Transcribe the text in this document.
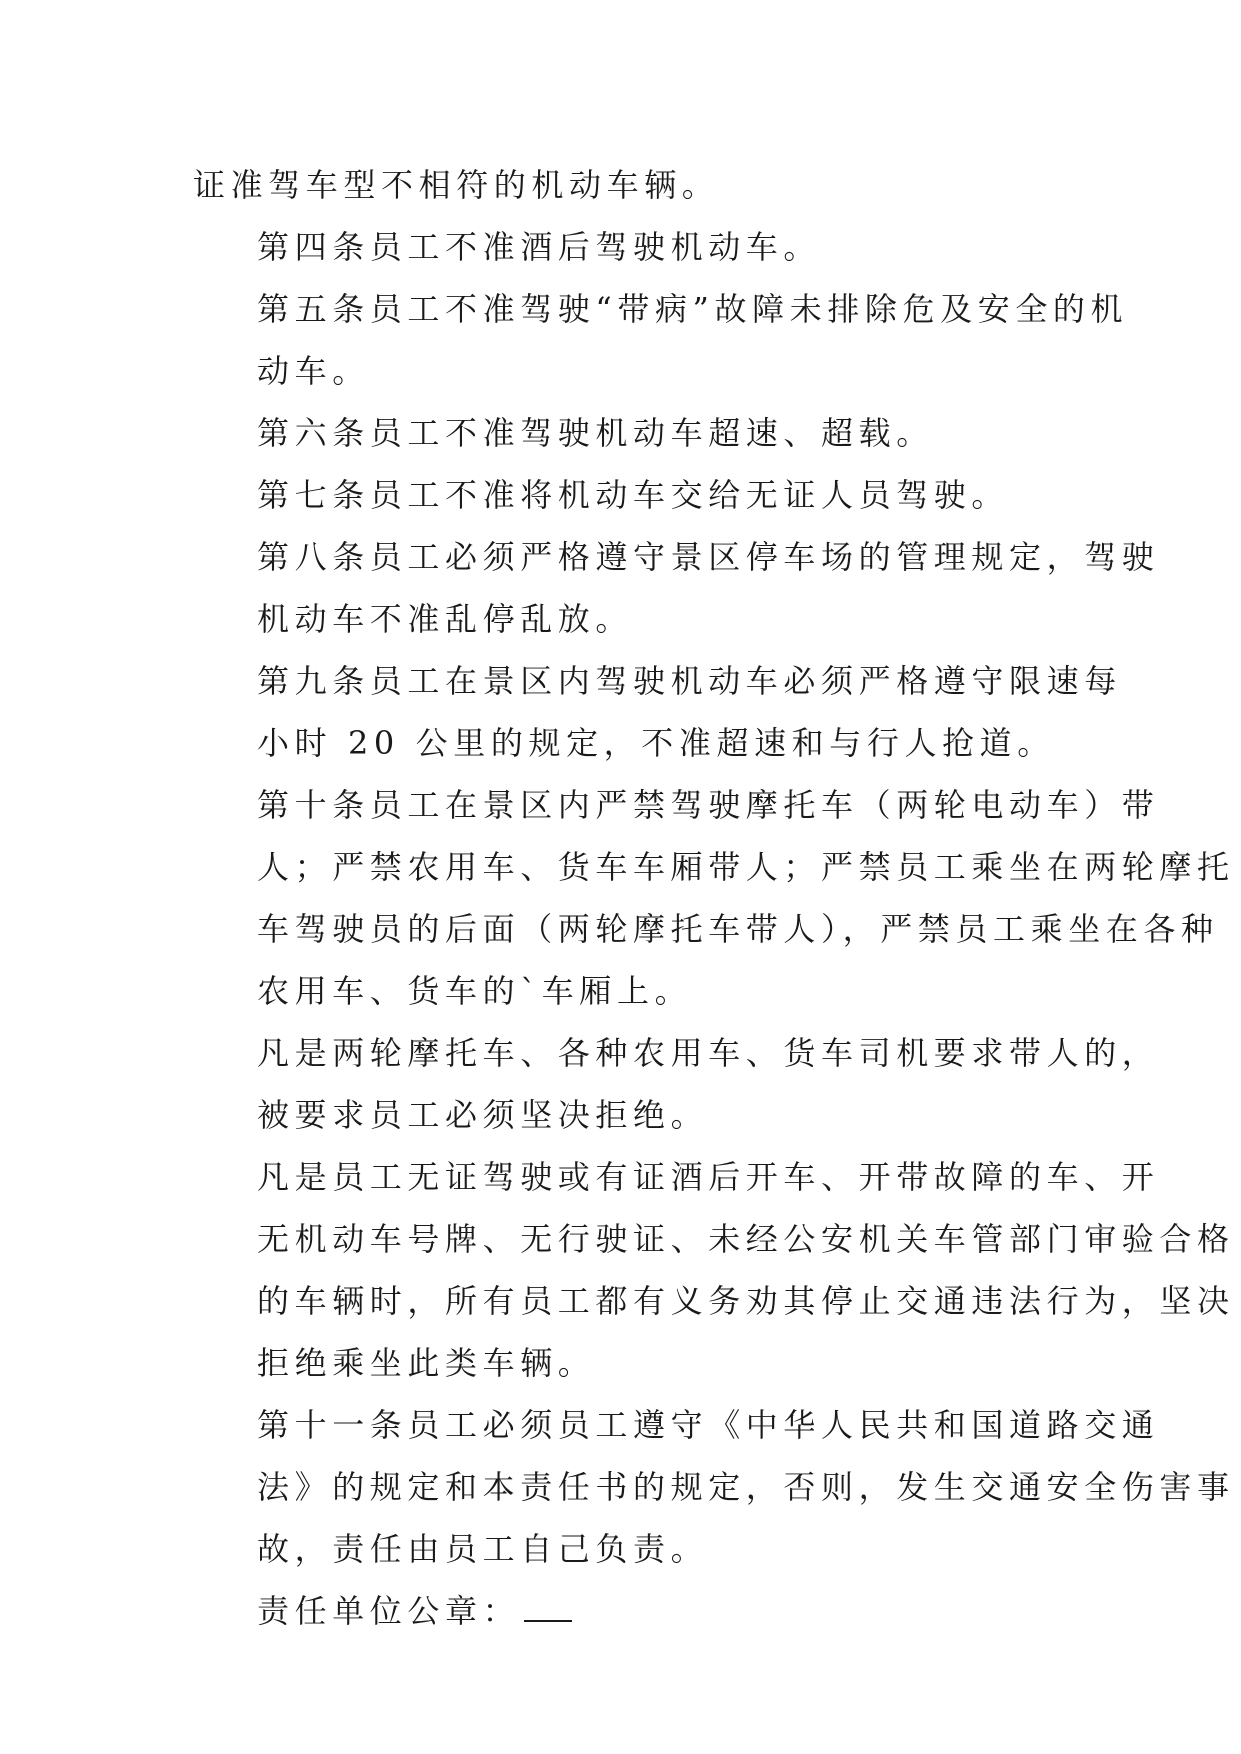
证准驾车型不相符的机动车辆。

第四条员工不准酒后驾驶机动车。

第五条员工不准驾驶“带病”故障未排除危及安全的机
动车。

第六条员工不准驾驶机动车超速、超载。

第七条员工不准将机动车交给无证人员驾驶。

第八条员工必须严格遵守景区停车场的管理规定，驾驶
机动车不准乱停乱放。

第九条员工在景区内驾驶机动车必须严格遵守限速每
小时 20 公里的规定，不准超速和与行人抢道。

第十条员工在景区内严禁驾驶摩托车（两轮电动车）带
人；严禁农用车、货车车厢带人；严禁员工乘坐在两轮摩托
车驾驶员的后面（两轮摩托车带人），严禁员工乘坐在各种
农用车、货车的`车厢上。

凡是两轮摩托车、各种农用车、货车司机要求带人的，
被要求员工必须坚决拒绝。

凡是员工无证驾驶或有证酒后开车、开带故障的车、开
无机动车号牌、无行驶证、未经公安机关车管部门审验合格
的车辆时，所有员工都有义务劝其停止交通违法行为，坚决
拒绝乘坐此类车辆。

第十一条员工必须员工遵守《中华人民共和国道路交通
法》的规定和本责任书的规定，否则，发生交通安全伤害事
故，责任由员工自己负责。

责任单位公章：
